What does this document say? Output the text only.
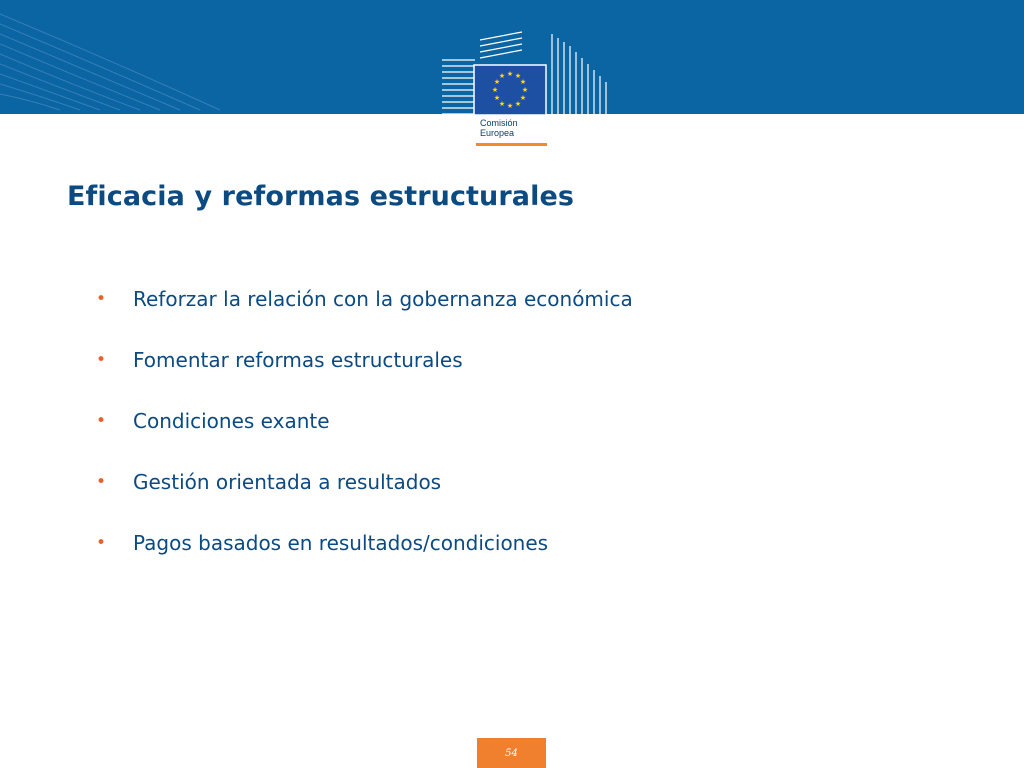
★ ★
★
★
★
★
★
★
★
★
★
★
Comisión
Europea
Eficacia y reformas estructurales
•	Reforzar la relación con la gobernanza económica
•	Fomentar reformas estructurales
•	Condiciones exante
•	Gestión orientada a resultados
•	Pagos basados en resultados/condiciones
54
